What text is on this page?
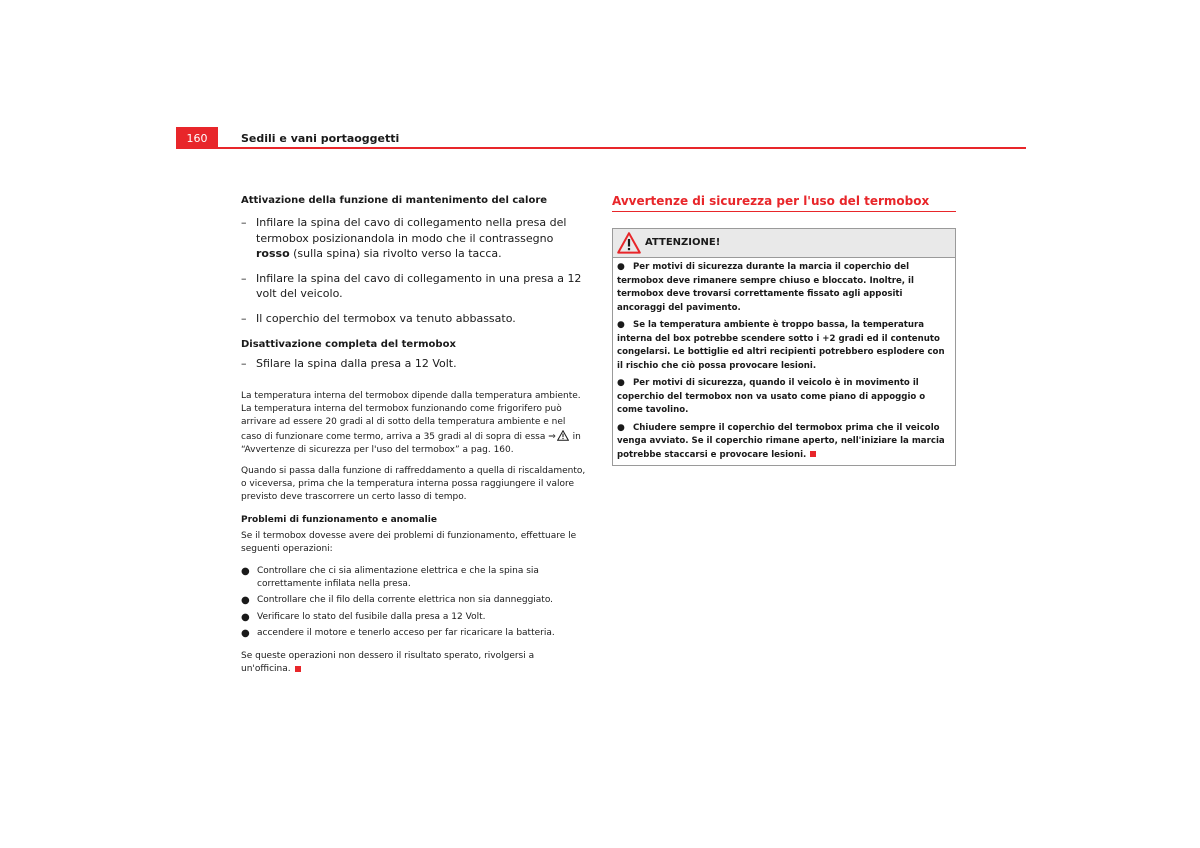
160	Sedili e vani portaoggetti

Attivazione della funzione di mantenimento del calore

– Infilare la spina del cavo di collegamento nella presa del termobox posizionandola in modo che il contrassegno rosso (sulla spina) sia rivolto verso la tacca.
– Infilare la spina del cavo di collegamento in una presa a 12 volt del veicolo.
– Il coperchio del termobox va tenuto abbassato.

Disattivazione completa del termobox

– Sfilare la spina dalla presa a 12 Volt.

La temperatura interna del termobox dipende dalla temperatura ambiente. La temperatura interna del termobox funzionando come frigorifero può arrivare ad essere 20 gradi al di sotto della temperatura ambiente e nel caso di funzionare come termo, arriva a 35 gradi al di sopra di essa ⇒ in “Avvertenze di sicurezza per l'uso del termobox” a pag. 160.

Quando si passa dalla funzione di raffreddamento a quella di riscaldamento, o viceversa, prima che la temperatura interna possa raggiungere il valore previsto deve trascorrere un certo lasso di tempo.

Problemi di funzionamento e anomalie

Se il termobox dovesse avere dei problemi di funzionamento, effettuare le seguenti operazioni:

● Controllare che ci sia alimentazione elettrica e che la spina sia correttamente infilata nella presa.
● Controllare che il filo della corrente elettrica non sia danneggiato.
● Verificare lo stato del fusibile dalla presa a 12 Volt.
● accendere il motore e tenerlo acceso per far ricaricare la batteria.

Se queste operazioni non dessero il risultato sperato, rivolgersi a un'officina.

Avvertenze di sicurezza per l'uso del termobox
ATTENZIONE!
● Per motivi di sicurezza durante la marcia il coperchio del termobox deve rimanere sempre chiuso e bloccato. Inoltre, il termobox deve trovarsi correttamente fissato agli appositi ancoraggi del pavimento.
● Se la temperatura ambiente è troppo bassa, la temperatura interna del box potrebbe scendere sotto i +2 gradi ed il contenuto congelarsi. Le bottiglie ed altri recipienti potrebbero esplodere con il rischio che ciò possa provocare lesioni.
● Per motivi di sicurezza, quando il veicolo è in movimento il coperchio del termobox non va usato come piano di appoggio o come tavolino.
● Chiudere sempre il coperchio del termobox prima che il veicolo venga avviato. Se il coperchio rimane aperto, nell'iniziare la marcia potrebbe staccarsi e provocare lesioni.
